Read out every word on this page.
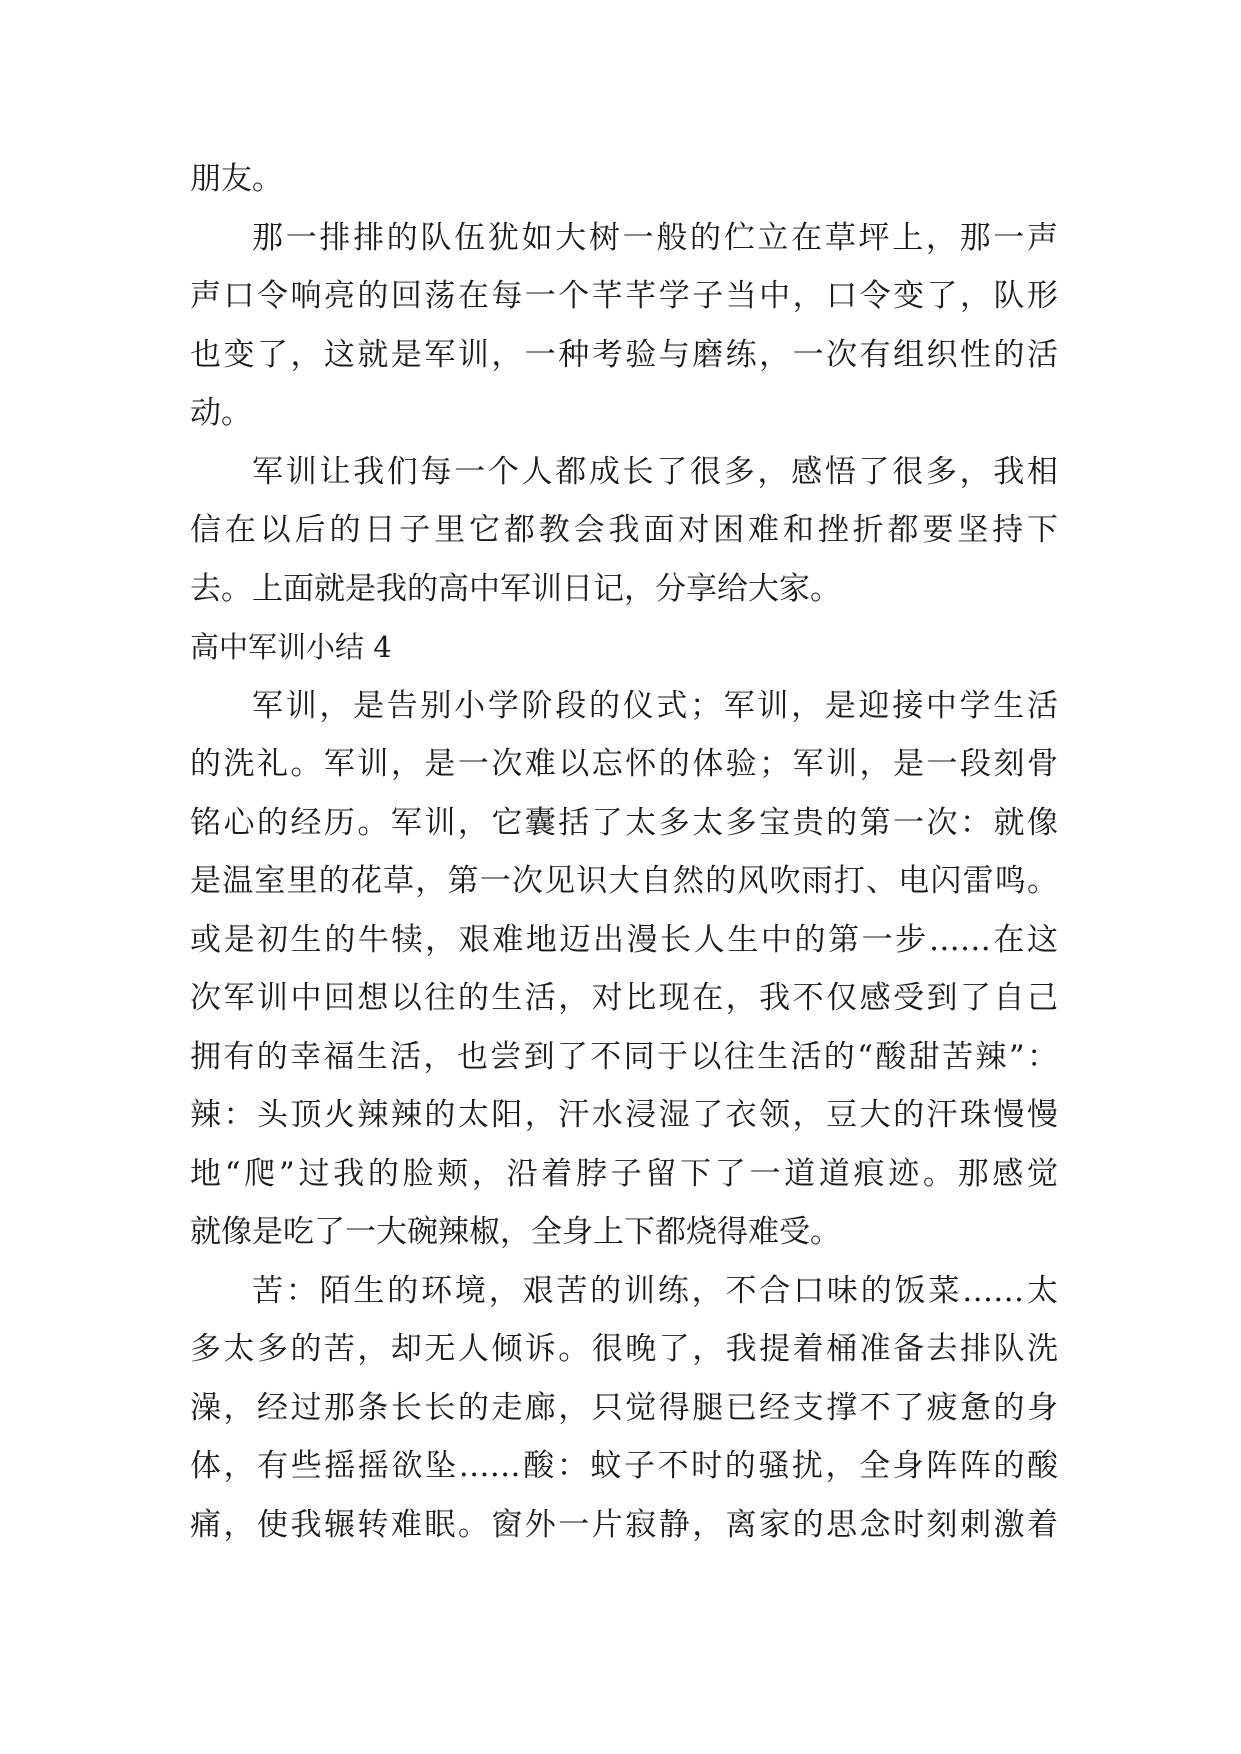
朋友。
那一排排的队伍犹如大树一般的伫立在草坪上，那一声
声口令响亮的回荡在每一个芊芊学子当中，口令变了，队形
也变了，这就是军训，一种考验与磨练，一次有组织性的活
动。
军训让我们每一个人都成长了很多，感悟了很多，我相
信在以后的日子里它都教会我面对困难和挫折都要坚持下
去。上面就是我的高中军训日记，分享给大家。
高中军训小结 4
军训，是告别小学阶段的仪式；军训，是迎接中学生活
的洗礼。军训，是一次难以忘怀的体验；军训，是一段刻骨
铭心的经历。军训，它囊括了太多太多宝贵的第一次：就像
是温室里的花草，第一次见识大自然的风吹雨打、电闪雷鸣。
或是初生的牛犊，艰难地迈出漫长人生中的第一步……在这
次军训中回想以往的生活，对比现在，我不仅感受到了自己
拥有的幸福生活，也尝到了不同于以往生活的“酸甜苦辣”：
辣：头顶火辣辣的太阳，汗水浸湿了衣领，豆大的汗珠慢慢
地“爬”过我的脸颊，沿着脖子留下了一道道痕迹。那感觉
就像是吃了一大碗辣椒，全身上下都烧得难受。
苦：陌生的环境，艰苦的训练，不合口味的饭菜……太
多太多的苦，却无人倾诉。很晚了，我提着桶准备去排队洗
澡，经过那条长长的走廊，只觉得腿已经支撑不了疲惫的身
体，有些摇摇欲坠……酸：蚊子不时的骚扰，全身阵阵的酸
痛，使我辗转难眠。窗外一片寂静，离家的思念时刻刺激着
